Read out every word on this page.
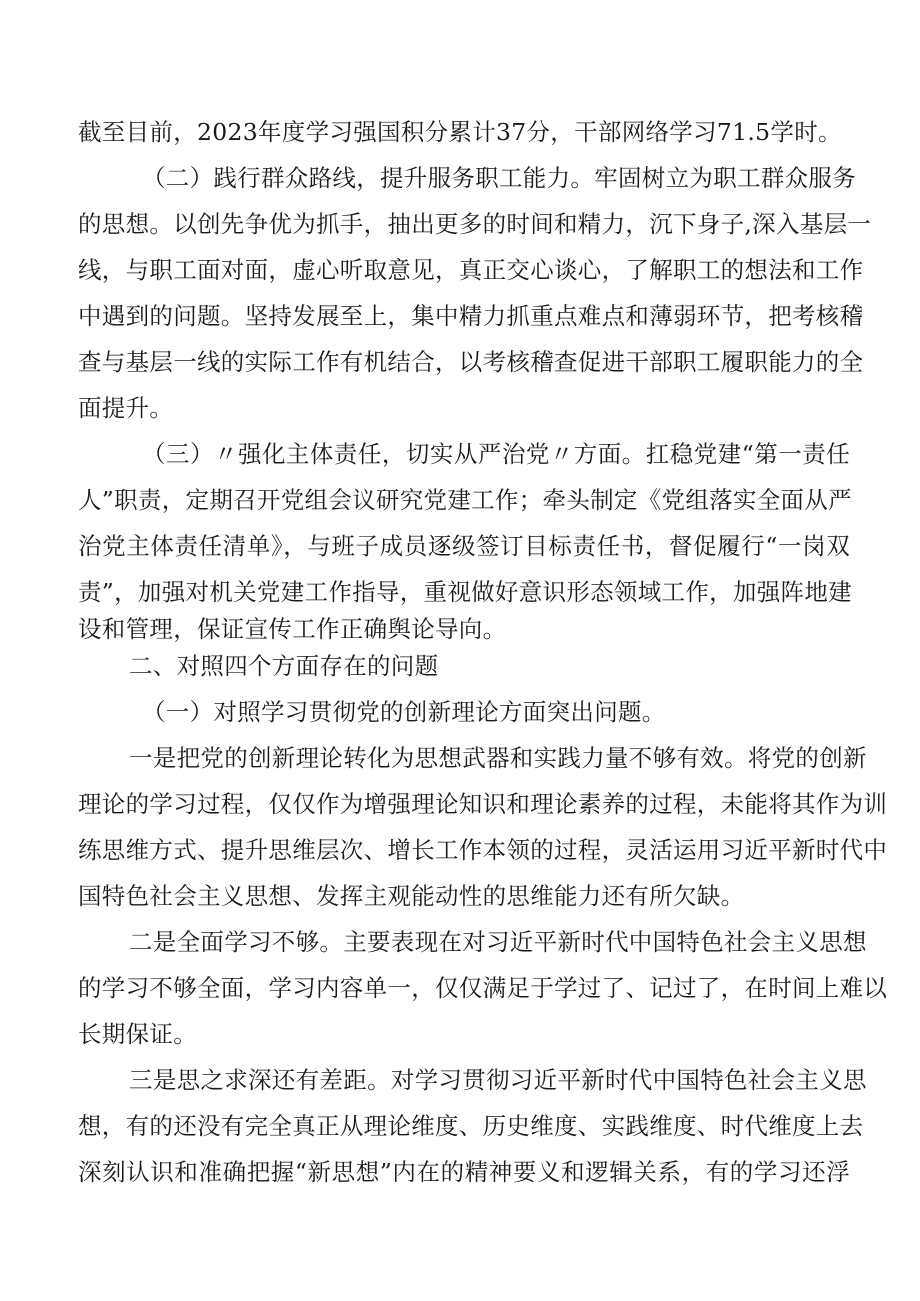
截至目前，2023年度学习强国积分累计37分，干部网络学习71.5学时。
（二）践行群众路线，提升服务职工能力。牢固树立为职工群众服务
的思想。以创先争优为抓手，抽出更多的时间和精力，沉下身子,深入基层一
线，与职工面对面，虚心听取意见，真正交心谈心，了解职工的想法和工作
中遇到的问题。坚持发展至上，集中精力抓重点难点和薄弱环节，把考核稽
查与基层一线的实际工作有机结合，以考核稽查促进干部职工履职能力的全
面提升。
（三）〃强化主体责任，切实从严治党〃方面。扛稳党建“第一责任
人”职责，定期召开党组会议研究党建工作；牵头制定《党组落实全面从严
治党主体责任清单》，与班子成员逐级签订目标责任书，督促履行“一岗双
责”，加强对机关党建工作指导，重视做好意识形态领域工作，加强阵地建
设和管理，保证宣传工作正确舆论导向。
二、对照四个方面存在的问题
（一）对照学习贯彻党的创新理论方面突出问题。
一是把党的创新理论转化为思想武器和实践力量不够有效。将党的创新
理论的学习过程，仅仅作为增强理论知识和理论素养的过程，未能将其作为训
练思维方式、提升思维层次、增长工作本领的过程，灵活运用习近平新时代中
国特色社会主义思想、发挥主观能动性的思维能力还有所欠缺。
二是全面学习不够。主要表现在对习近平新时代中国特色社会主义思想
的学习不够全面，学习内容单一，仅仅满足于学过了、记过了，在时间上难以
长期保证。
三是思之求深还有差距。对学习贯彻习近平新时代中国特色社会主义思
想，有的还没有完全真正从理论维度、历史维度、实践维度、时代维度上去
深刻认识和准确把握“新思想”内在的精神要义和逻辑关系，有的学习还浮
